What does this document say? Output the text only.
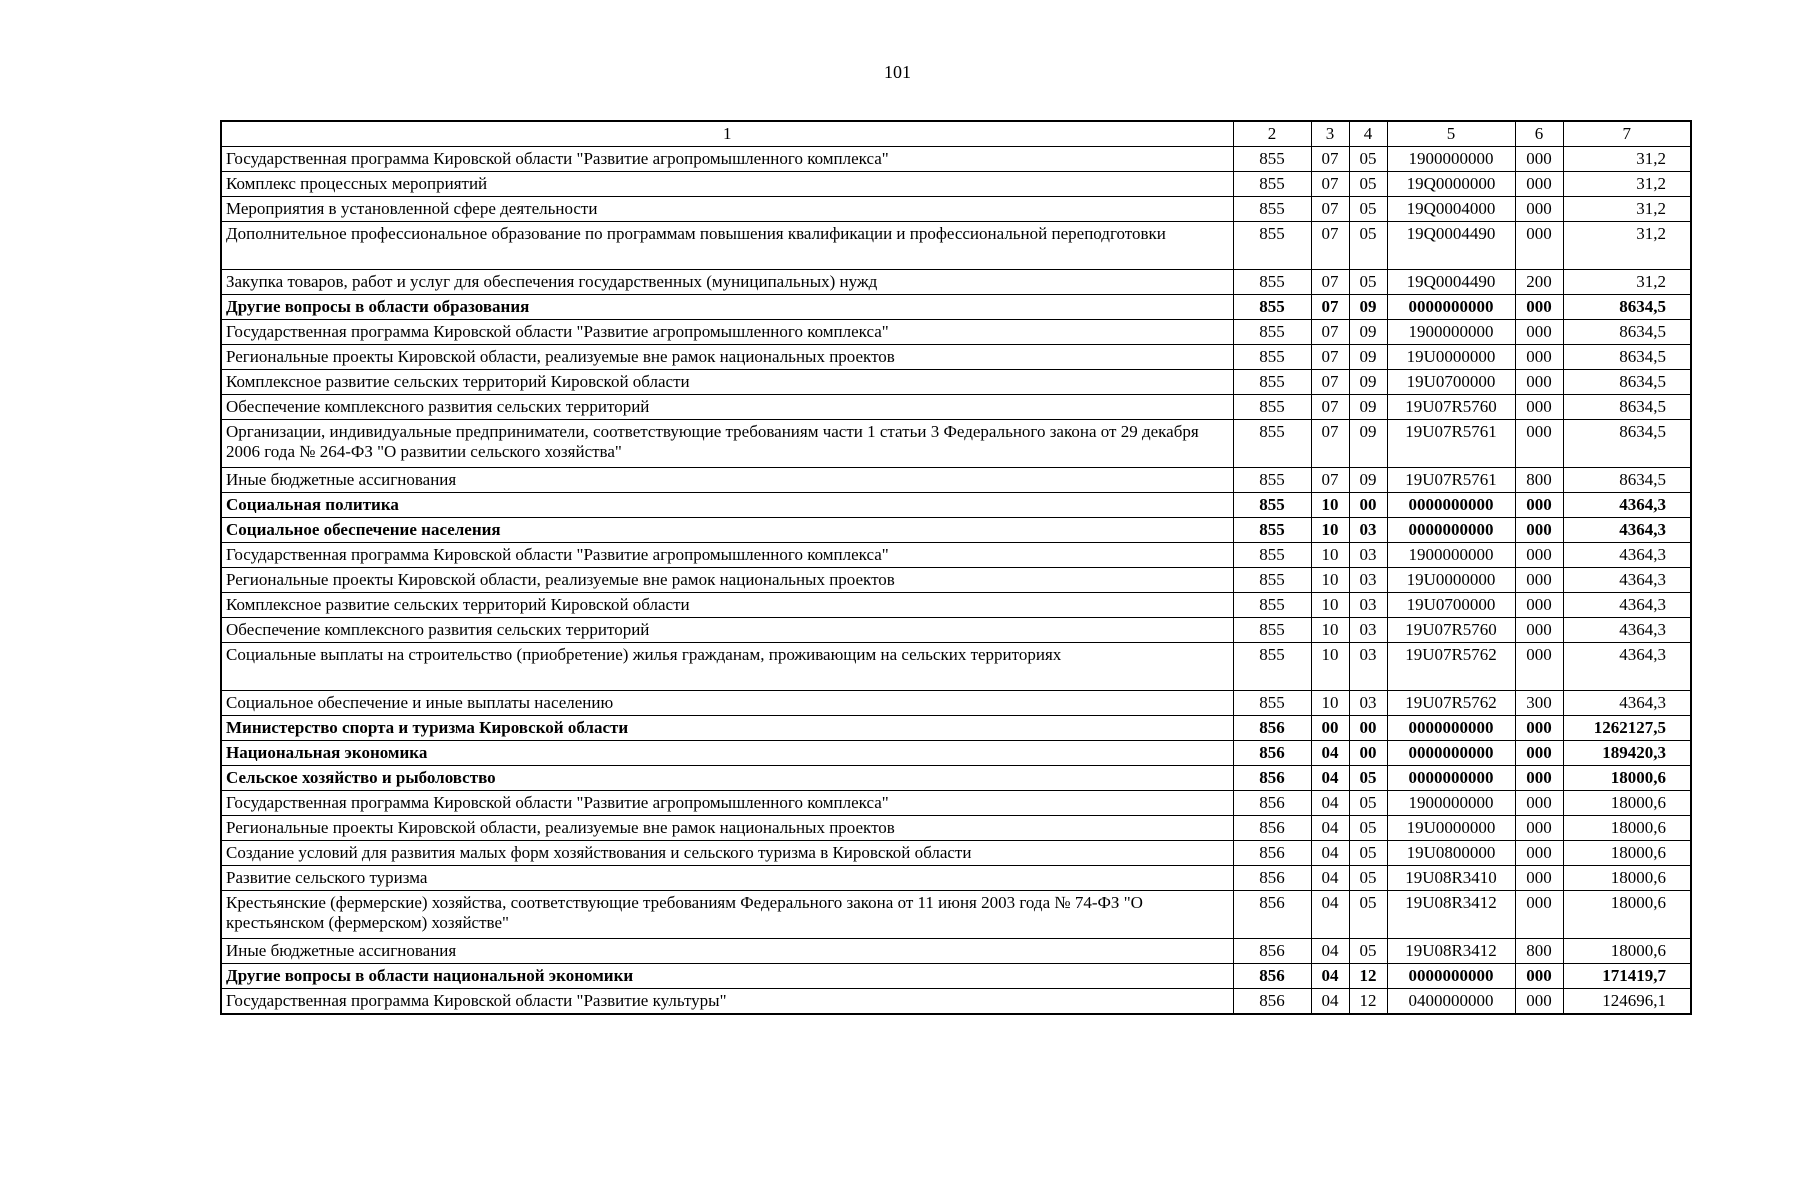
101
1	2	3	4	5	6	7
Государственная программа Кировской области "Развитие агропромышленного комплекса"	855	07	05	1900000000	000	31,2
Комплекс процессных мероприятий	855	07	05	19Q0000000	000	31,2
Мероприятия в установленной сфере деятельности	855	07	05	19Q0004000	000	31,2
Дополнительное профессиональное образование по программам повышения квалификации и профессиональной переподготовки	855	07	05	19Q0004490	000	31,2
Закупка товаров, работ и услуг для обеспечения государственных (муниципальных) нужд	855	07	05	19Q0004490	200	31,2
Другие вопросы в области образования	855	07	09	0000000000	000	8634,5
Государственная программа Кировской области "Развитие агропромышленного комплекса"	855	07	09	1900000000	000	8634,5
Региональные проекты Кировской области, реализуемые вне рамок национальных проектов	855	07	09	19U0000000	000	8634,5
Комплексное развитие сельских территорий Кировской области	855	07	09	19U0700000	000	8634,5
Обеспечение комплексного развития сельских территорий	855	07	09	19U07R5760	000	8634,5
Организации, индивидуальные предприниматели, соответствующие требованиям части 1 статьи 3 Федерального закона от 29 декабря 2006 года № 264-ФЗ "О развитии сельского хозяйства"	855	07	09	19U07R5761	000	8634,5
Иные бюджетные ассигнования	855	07	09	19U07R5761	800	8634,5
Социальная политика	855	10	00	0000000000	000	4364,3
Социальное обеспечение населения	855	10	03	0000000000	000	4364,3
Государственная программа Кировской области "Развитие агропромышленного комплекса"	855	10	03	1900000000	000	4364,3
Региональные проекты Кировской области, реализуемые вне рамок национальных проектов	855	10	03	19U0000000	000	4364,3
Комплексное развитие сельских территорий Кировской области	855	10	03	19U0700000	000	4364,3
Обеспечение комплексного развития сельских территорий	855	10	03	19U07R5760	000	4364,3
Социальные выплаты на строительство (приобретение) жилья гражданам, проживающим на сельских территориях	855	10	03	19U07R5762	000	4364,3
Социальное обеспечение и иные выплаты населению	855	10	03	19U07R5762	300	4364,3
Министерство спорта и туризма Кировской области	856	00	00	0000000000	000	1262127,5
Национальная экономика	856	04	00	0000000000	000	189420,3
Сельское хозяйство и рыболовство	856	04	05	0000000000	000	18000,6
Государственная программа Кировской области "Развитие агропромышленного комплекса"	856	04	05	1900000000	000	18000,6
Региональные проекты Кировской области, реализуемые вне рамок национальных проектов	856	04	05	19U0000000	000	18000,6
Создание условий для развития малых форм хозяйствования и сельского туризма в Кировской области	856	04	05	19U0800000	000	18000,6
Развитие сельского туризма	856	04	05	19U08R3410	000	18000,6
Крестьянские (фермерские) хозяйства, соответствующие требованиям Федерального закона от 11 июня 2003 года № 74-ФЗ "О крестьянском (фермерском) хозяйстве"	856	04	05	19U08R3412	000	18000,6
Иные бюджетные ассигнования	856	04	05	19U08R3412	800	18000,6
Другие вопросы в области национальной экономики	856	04	12	0000000000	000	171419,7
Государственная программа Кировской области "Развитие культуры"	856	04	12	0400000000	000	124696,1
